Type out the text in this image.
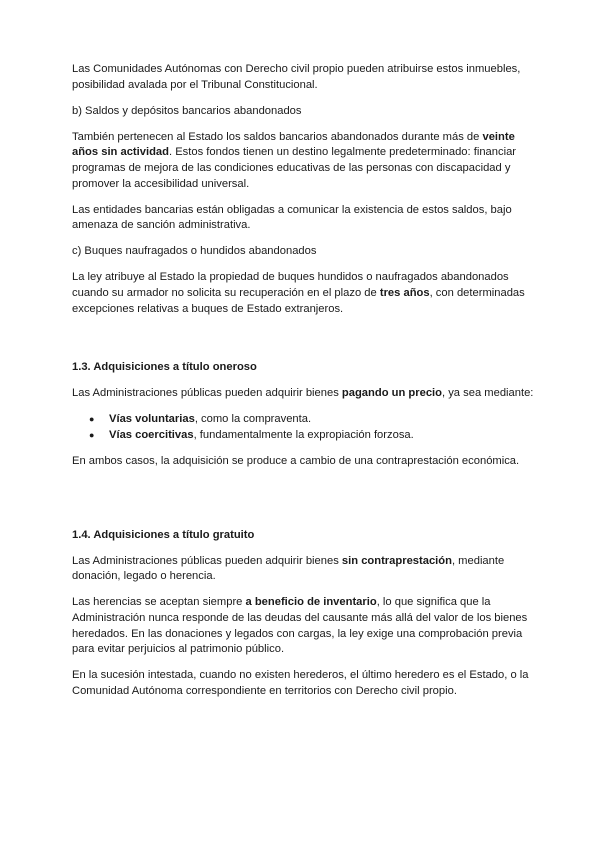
Las Comunidades Autónomas con Derecho civil propio pueden atribuirse estos inmuebles, posibilidad avalada por el Tribunal Constitucional.

b) Saldos y depósitos bancarios abandonados

También pertenecen al Estado los saldos bancarios abandonados durante más de veinte años sin actividad. Estos fondos tienen un destino legalmente predeterminado: financiar programas de mejora de las condiciones educativas de las personas con discapacidad y promover la accesibilidad universal.

Las entidades bancarias están obligadas a comunicar la existencia de estos saldos, bajo amenaza de sanción administrativa.

c) Buques naufragados o hundidos abandonados

La ley atribuye al Estado la propiedad de buques hundidos o naufragados abandonados cuando su armador no solicita su recuperación en el plazo de tres años, con determinadas excepciones relativas a buques de Estado extranjeros.

1.3. Adquisiciones a título oneroso

Las Administraciones públicas pueden adquirir bienes pagando un precio, ya sea mediante:

● Vías voluntarias, como la compraventa.
● Vías coercitivas, fundamentalmente la expropiación forzosa.

En ambos casos, la adquisición se produce a cambio de una contraprestación económica.

1.4. Adquisiciones a título gratuito

Las Administraciones públicas pueden adquirir bienes sin contraprestación, mediante donación, legado o herencia.

Las herencias se aceptan siempre a beneficio de inventario, lo que significa que la Administración nunca responde de las deudas del causante más allá del valor de los bienes heredados. En las donaciones y legados con cargas, la ley exige una comprobación previa para evitar perjuicios al patrimonio público.

En la sucesión intestada, cuando no existen herederos, el último heredero es el Estado, o la Comunidad Autónoma correspondiente en territorios con Derecho civil propio.
